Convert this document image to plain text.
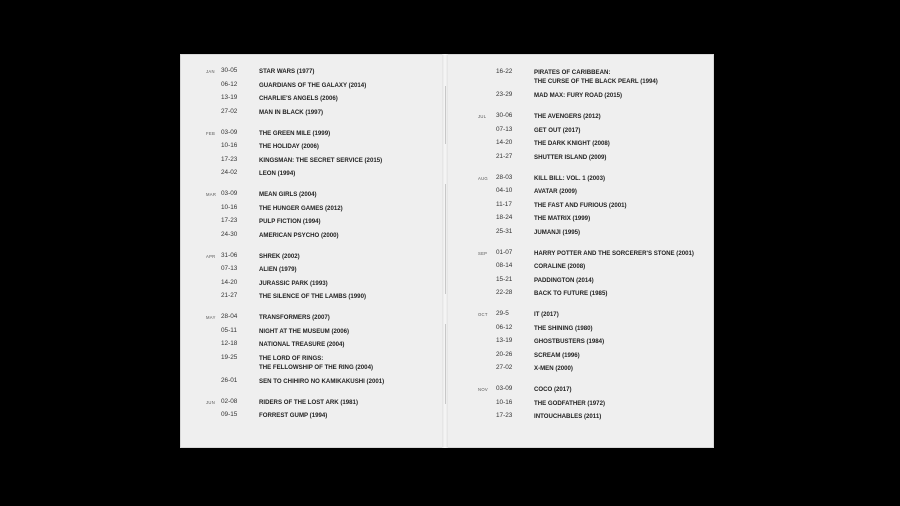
JAN 30-05	STAR WARS (1977)
06-12	GUARDIANS OF THE GALAXY (2014)
13-19	CHARLIE'S ANGELS (2006)
27-02	MAN IN BLACK (1997)
FEB 03-09	THE GREEN MILE (1999)
10-16	THE HOLIDAY (2006)
17-23	KINGSMAN: THE SECRET SERVICE (2015)
24-02	LEON (1994)
MAR 03-09	MEAN GIRLS (2004)
10-16	THE HUNGER GAMES (2012)
17-23	PULP FICTION (1994)
24-30	AMERICAN PSYCHO (2000)
APR 31-06	SHREK (2002)
07-13	ALIEN (1979)
14-20	JURASSIC PARK (1993)
21-27	THE SILENCE OF THE LAMBS (1990)
MAY 28-04	TRANSFORMERS (2007)
05-11	NIGHT AT THE MUSEUM (2006)
12-18	NATIONAL TREASURE (2004)
19-25	THE LORD OF RINGS:
THE FELLOWSHIP OF THE RING (2004)
26-01	SEN TO CHIHIRO NO KAMIKAKUSHI (2001)
JUN 02-08	RIDERS OF THE LOST ARK (1981)
09-15	FORREST GUMP (1994)
16-22	PIRATES OF CARIBBEAN:
THE CURSE OF THE BLACK PEARL (1994)
23-29	MAD MAX: FURY ROAD (2015)
JUL 30-06	THE AVENGERS (2012)
07-13	GET OUT (2017)
14-20	THE DARK KNIGHT (2008)
21-27	SHUTTER ISLAND (2009)
AUG 28-03	KILL BILL: VOL. 1 (2003)
04-10	AVATAR (2009)
11-17	THE FAST AND FURIOUS (2001)
18-24	THE MATRIX (1999)
25-31	JUMANJI (1995)
SEP 01-07	HARRY POTTER AND THE SORCERER'S STONE (2001)
08-14	CORALINE (2008)
15-21	PADDINGTON (2014)
22-28	BACK TO FUTURE (1985)
OCT 29-5	IT (2017)
06-12	THE SHINING (1980)
13-19	GHOSTBUSTERS (1984)
20-26	SCREAM (1996)
27-02	X-MEN (2000)
NOV 03-09	COCO (2017)
10-16	THE GODFATHER (1972)
17-23	INTOUCHABLES (2011)
